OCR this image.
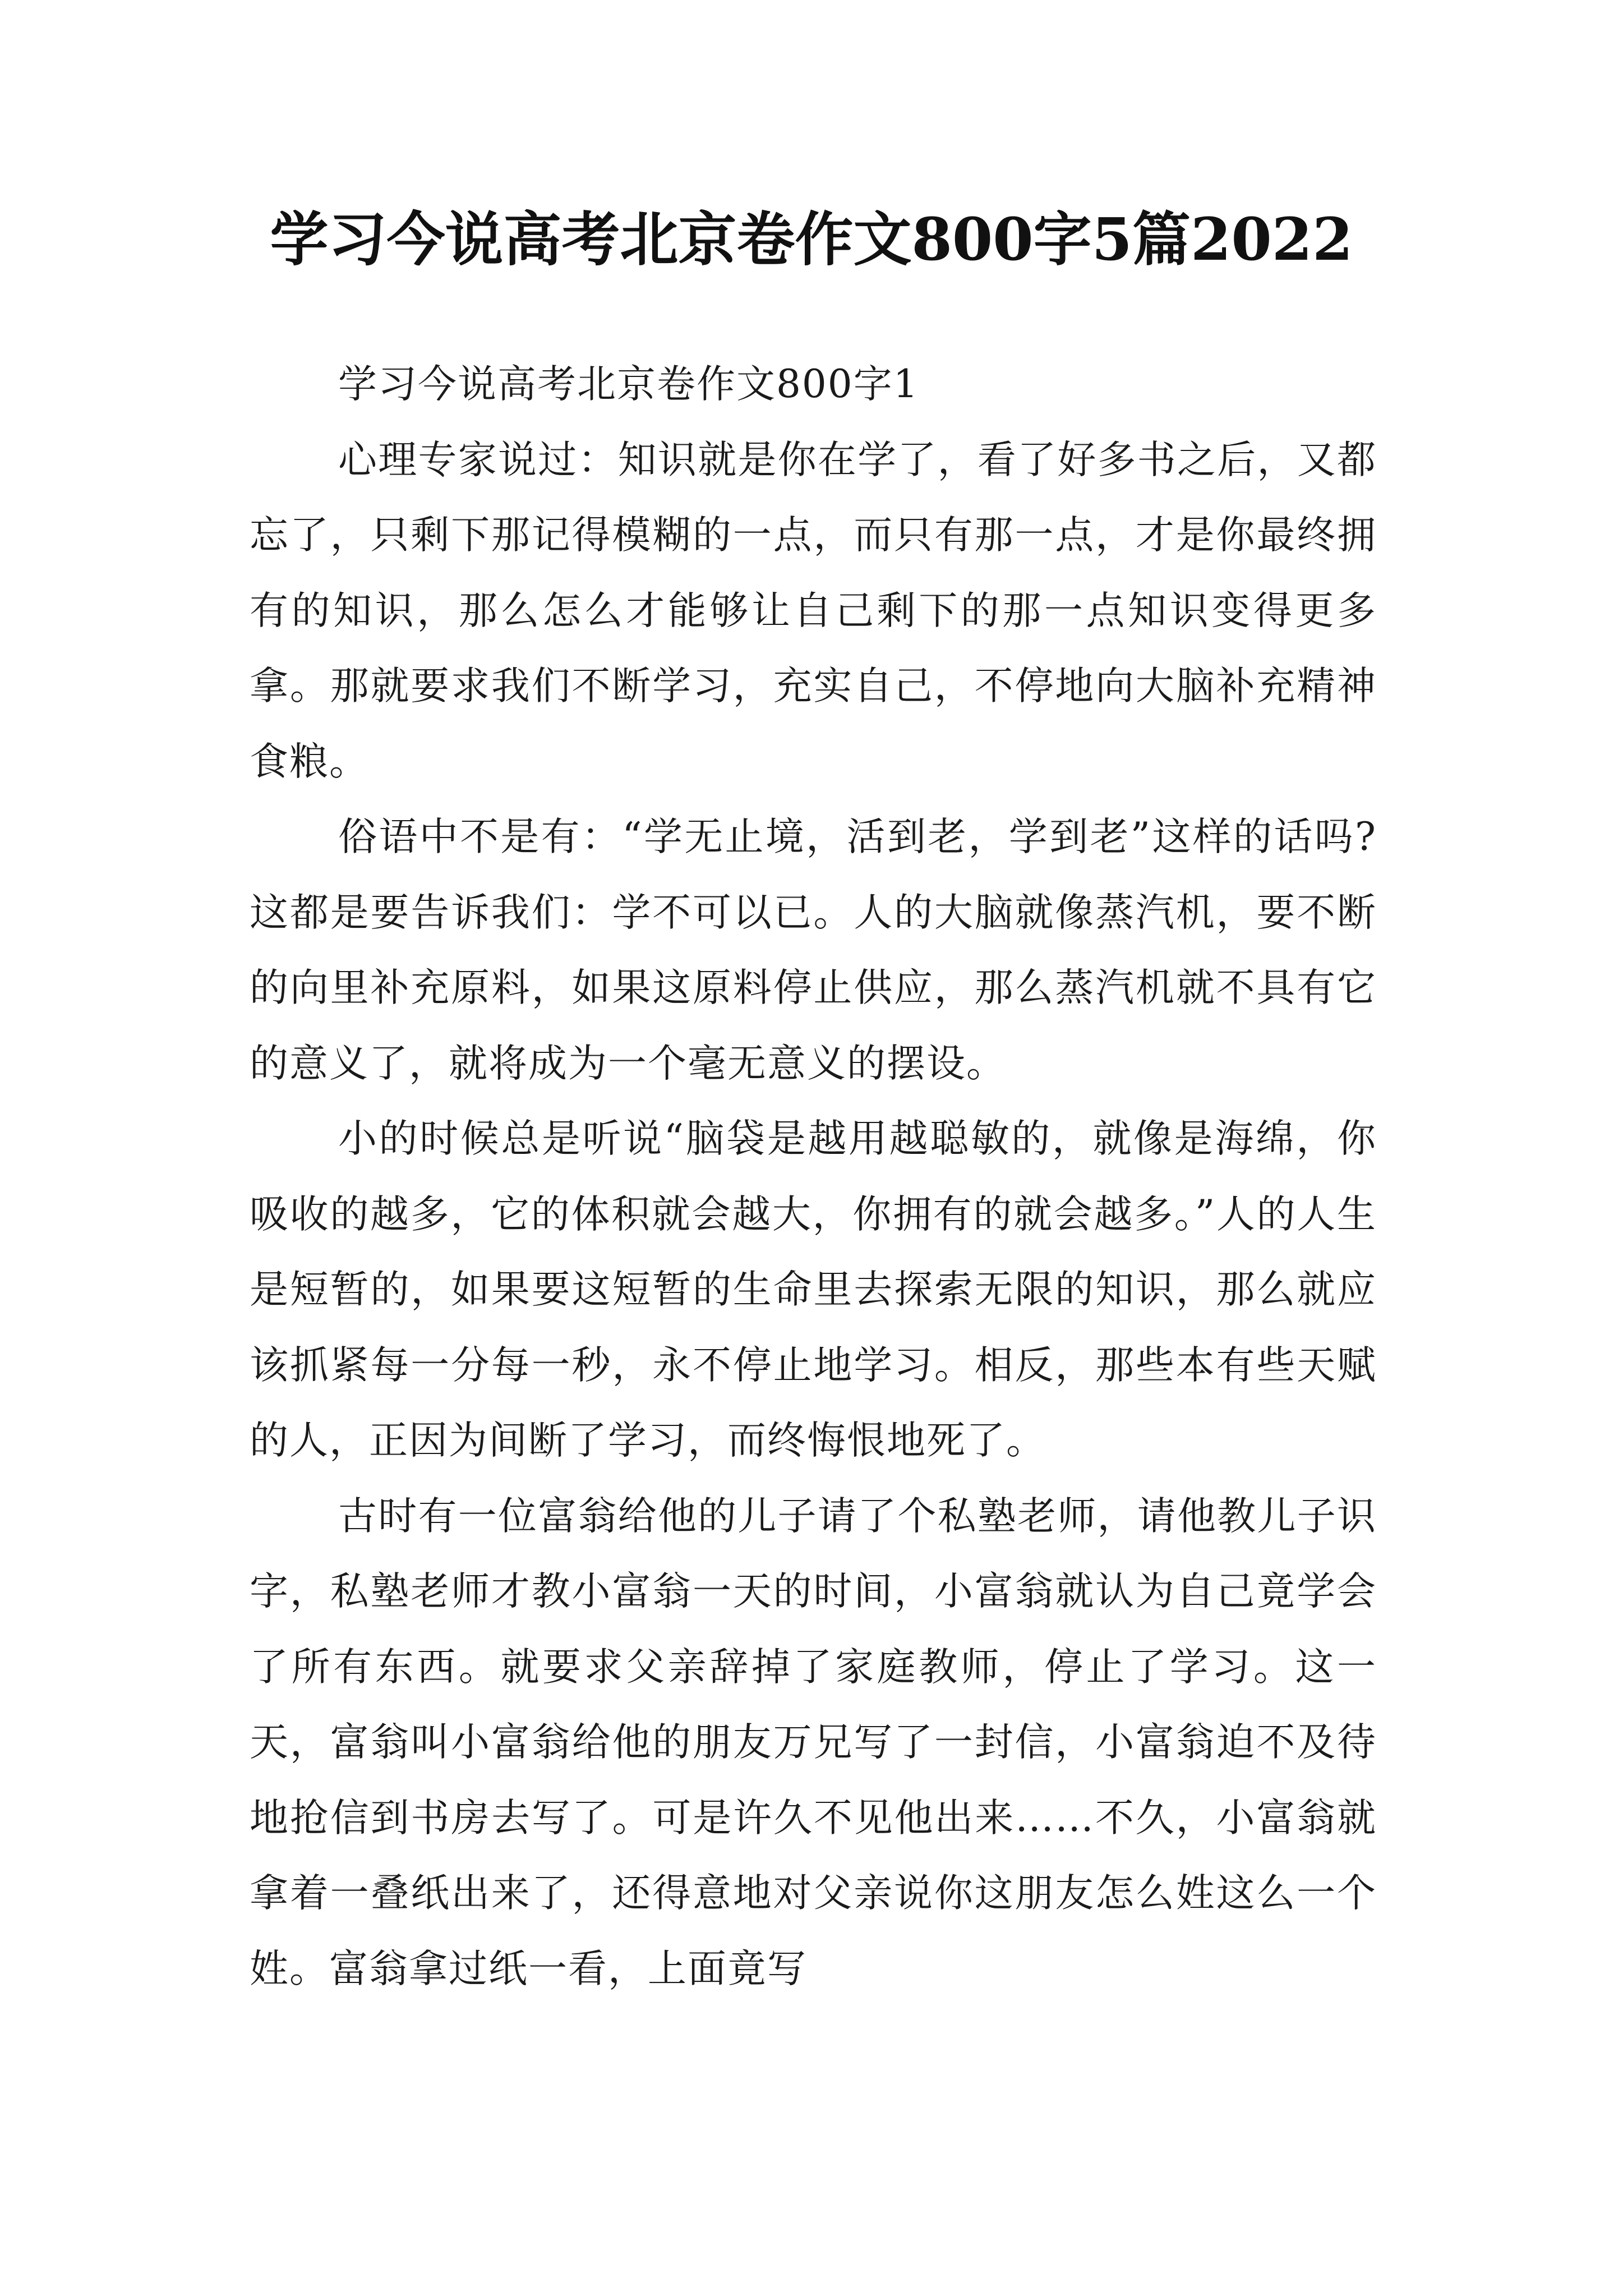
学习今说高考北京卷作文800字5篇2022

学习今说高考北京卷作文800字1

心理专家说过：知识就是你在学了，看了好多书之后，又都忘了，只剩下那记得模糊的一点，而只有那一点，才是你最终拥有的知识，那么怎么才能够让自己剩下的那一点知识变得更多拿。那就要求我们不断学习，充实自己，不停地向大脑补充精神食粮。

俗语中不是有：“学无止境，活到老，学到老”这样的话吗?这都是要告诉我们：学不可以已。人的大脑就像蒸汽机，要不断的向里补充原料，如果这原料停止供应，那么蒸汽机就不具有它的意义了，就将成为一个毫无意义的摆设。

小的时候总是听说“脑袋是越用越聪敏的，就像是海绵，你吸收的越多，它的体积就会越大，你拥有的就会越多。”人的人生是短暂的，如果要这短暂的生命里去探索无限的知识，那么就应该抓紧每一分每一秒，永不停止地学习。相反，那些本有些天赋的人，正因为间断了学习，而终悔恨地死了。

古时有一位富翁给他的儿子请了个私塾老师，请他教儿子识字，私塾老师才教小富翁一天的时间，小富翁就认为自己竟学会了所有东西。就要求父亲辞掉了家庭教师，停止了学习。这一天，富翁叫小富翁给他的朋友万兄写了一封信，小富翁迫不及待地抢信到书房去写了。可是许久不见他出来……不久，小富翁就拿着一叠纸出来了，还得意地对父亲说你这朋友怎么姓这么一个姓。富翁拿过纸一看，上面竟写
